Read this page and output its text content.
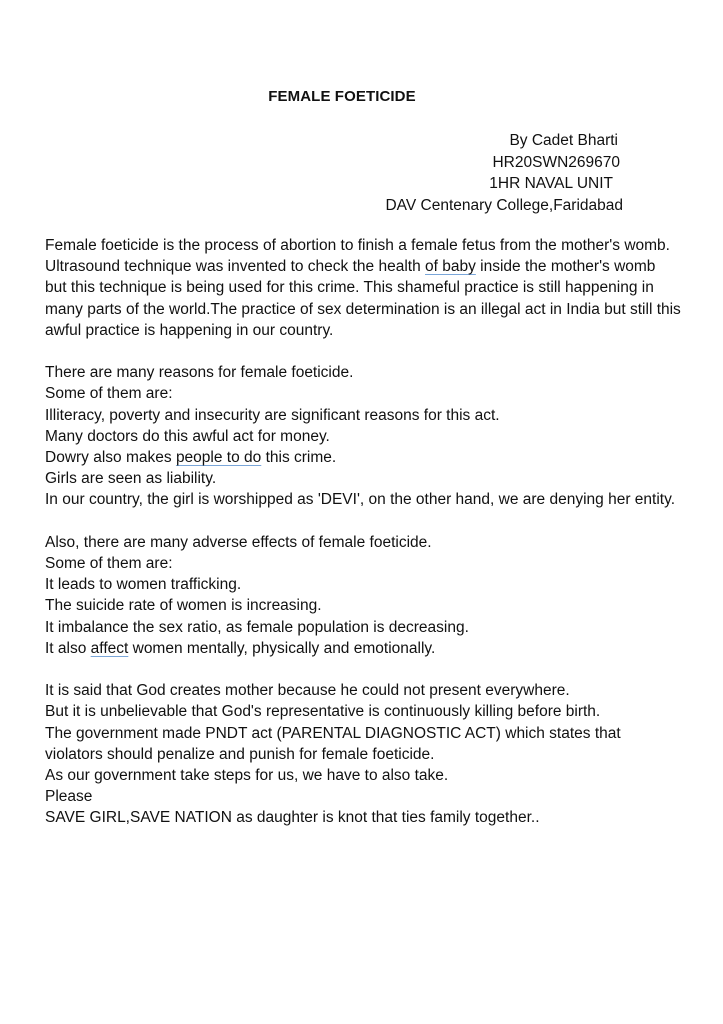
FEMALE FOETICIDE
By Cadet Bharti
HR20SWN269670
1HR NAVAL UNIT
DAV Centenary College,Faridabad

Female foeticide is the process of abortion to finish a female fetus from the mother's womb.
Ultrasound technique was invented to check the health of baby inside the mother's womb
but this technique is being used for this crime. This shameful practice is still happening in
many parts of the world.The practice of sex determination is an illegal act in India but still this
awful practice is happening in our country.

There are many reasons for female foeticide.
Some of them are:
Illiteracy, poverty and insecurity are significant reasons for this act.
Many doctors do this awful act for money.
Dowry also makes people to do this crime.
Girls are seen as liability.
In our country, the girl is worshipped as 'DEVI', on the other hand, we are denying her entity.

Also, there are many adverse effects of female foeticide.
Some of them are:
It leads to women trafficking.
The suicide rate of women is increasing.
It imbalance the sex ratio, as female population is decreasing.
It also affect women mentally, physically and emotionally.

It is said that God creates mother because he could not present everywhere.
But it is unbelievable that God's representative is continuously killing before birth.
The government made PNDT act (PARENTAL DIAGNOSTIC ACT) which states that
violators should penalize and punish for female foeticide.
As our government take steps for us, we have to also take.
Please
SAVE GIRL,SAVE NATION as daughter is knot that ties family together..
